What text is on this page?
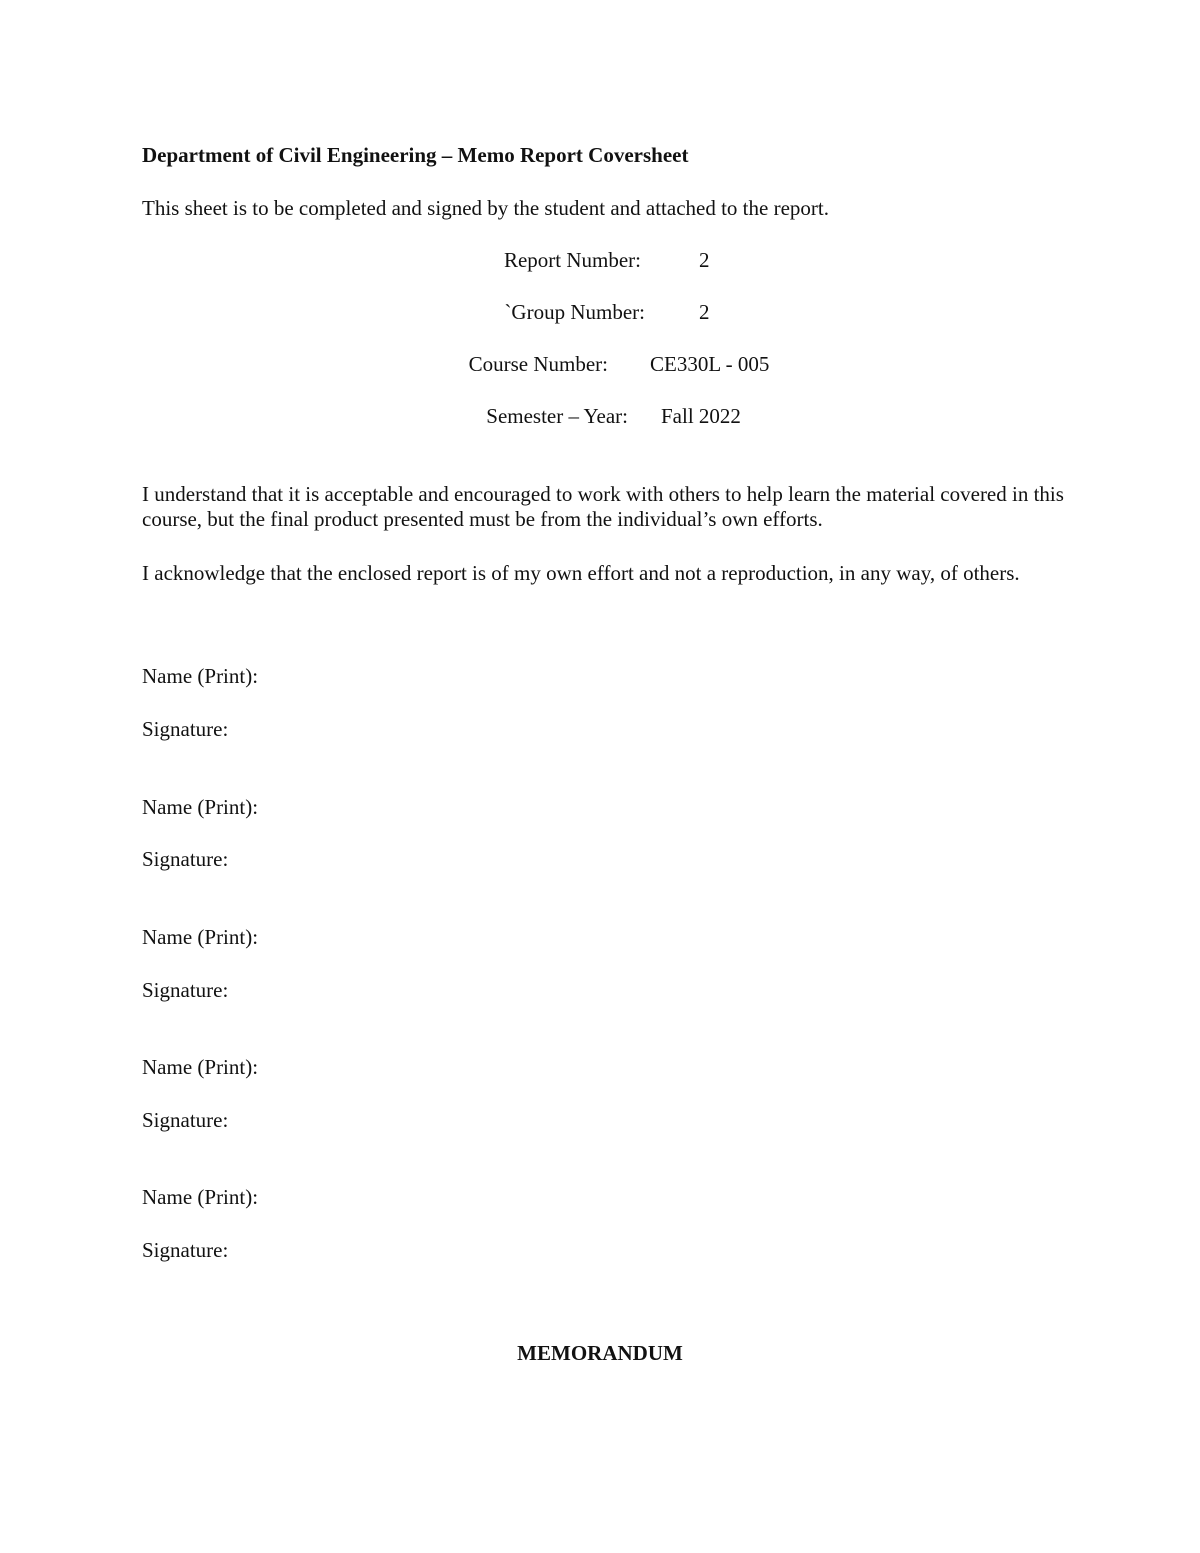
Department of Civil Engineering – Memo Report Coversheet
This sheet is to be completed and signed by the student and attached to the report.
Report Number:	2
`Group Number:	2
Course Number: CE330L - 005
Semester – Year: Fall 2022
I understand that it is acceptable and encouraged to work with others to help learn the material covered in this course, but the final product presented must be from the individual’s own efforts.
I acknowledge that the enclosed report is of my own effort and not a reproduction, in any way, of others.
Name (Print):
Signature:
Name (Print):
Signature:
Name (Print):
Signature:
Name (Print):
Signature:
Name (Print):
Signature:
MEMORANDUM
